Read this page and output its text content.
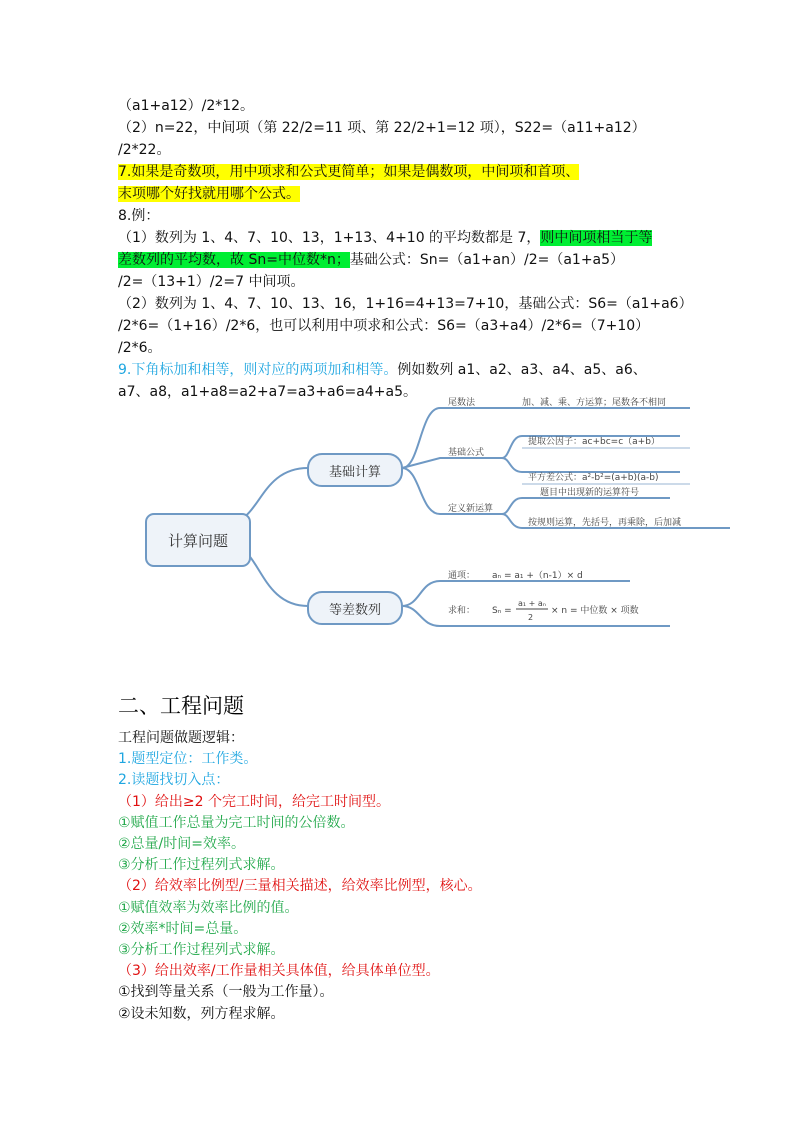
（a1+a12）/2*12。
（2）n=22，中间项（第 22/2=11 项、第 22/2+1=12 项），S22=（a11+a12）
/2*22。
7.如果是奇数项，用中项求和公式更简单；如果是偶数项，中间项和首项、
末项哪个好找就用哪个公式。
8.例：
（1）数列为 1、4、7、10、13，1+13、4+10 的平均数都是 7，则中间项相当于等
差数列的平均数，故 Sn=中位数*n；基础公式：Sn=（a1+an）/2=（a1+a5）
/2=（13+1）/2=7 中间项。
（2）数列为 1、4、7、10、13、16，1+16=4+13=7+10，基础公式：S6=（a1+a6）
/2*6=（1+16）/2*6，也可以利用中项求和公式：S6=（a3+a4）/2*6=（7+10）
/2*6。
9.下角标加和相等，则对应的两项加和相等。例如数列 a1、a2、a3、a4、a5、a6、
a7、a8，a1+a8=a2+a7=a3+a6=a4+a5。
计算问题
基础计算
等差数列
尾数法	加、减、乘、方运算；尾数各不相同
基础公式
提取公因子：ac+bc=c（a+b）
平方差公式：a²-b²=(a+b)(a-b)
定义新运算
题目中出现新的运算符号
按规则运算，先括号，再乘除，后加减
通项： aₙ = a₁ +（n-1）× d
求和： Sₙ =
a₁ + aₙ
2
× n = 中位数 × 项数
二、工程问题
工程问题做题逻辑：
1.题型定位：工作类。
2.读题找切入点：
（1）给出≥2 个完工时间，给完工时间型。
①赋值工作总量为完工时间的公倍数。
②总量/时间=效率。
③分析工作过程列式求解。
（2）给效率比例型/三量相关描述，给效率比例型，核心。
①赋值效率为效率比例的值。
②效率*时间=总量。
③分析工作过程列式求解。
（3）给出效率/工作量相关具体值，给具体单位型。
①找到等量关系（一般为工作量）。
②设未知数，列方程求解。
